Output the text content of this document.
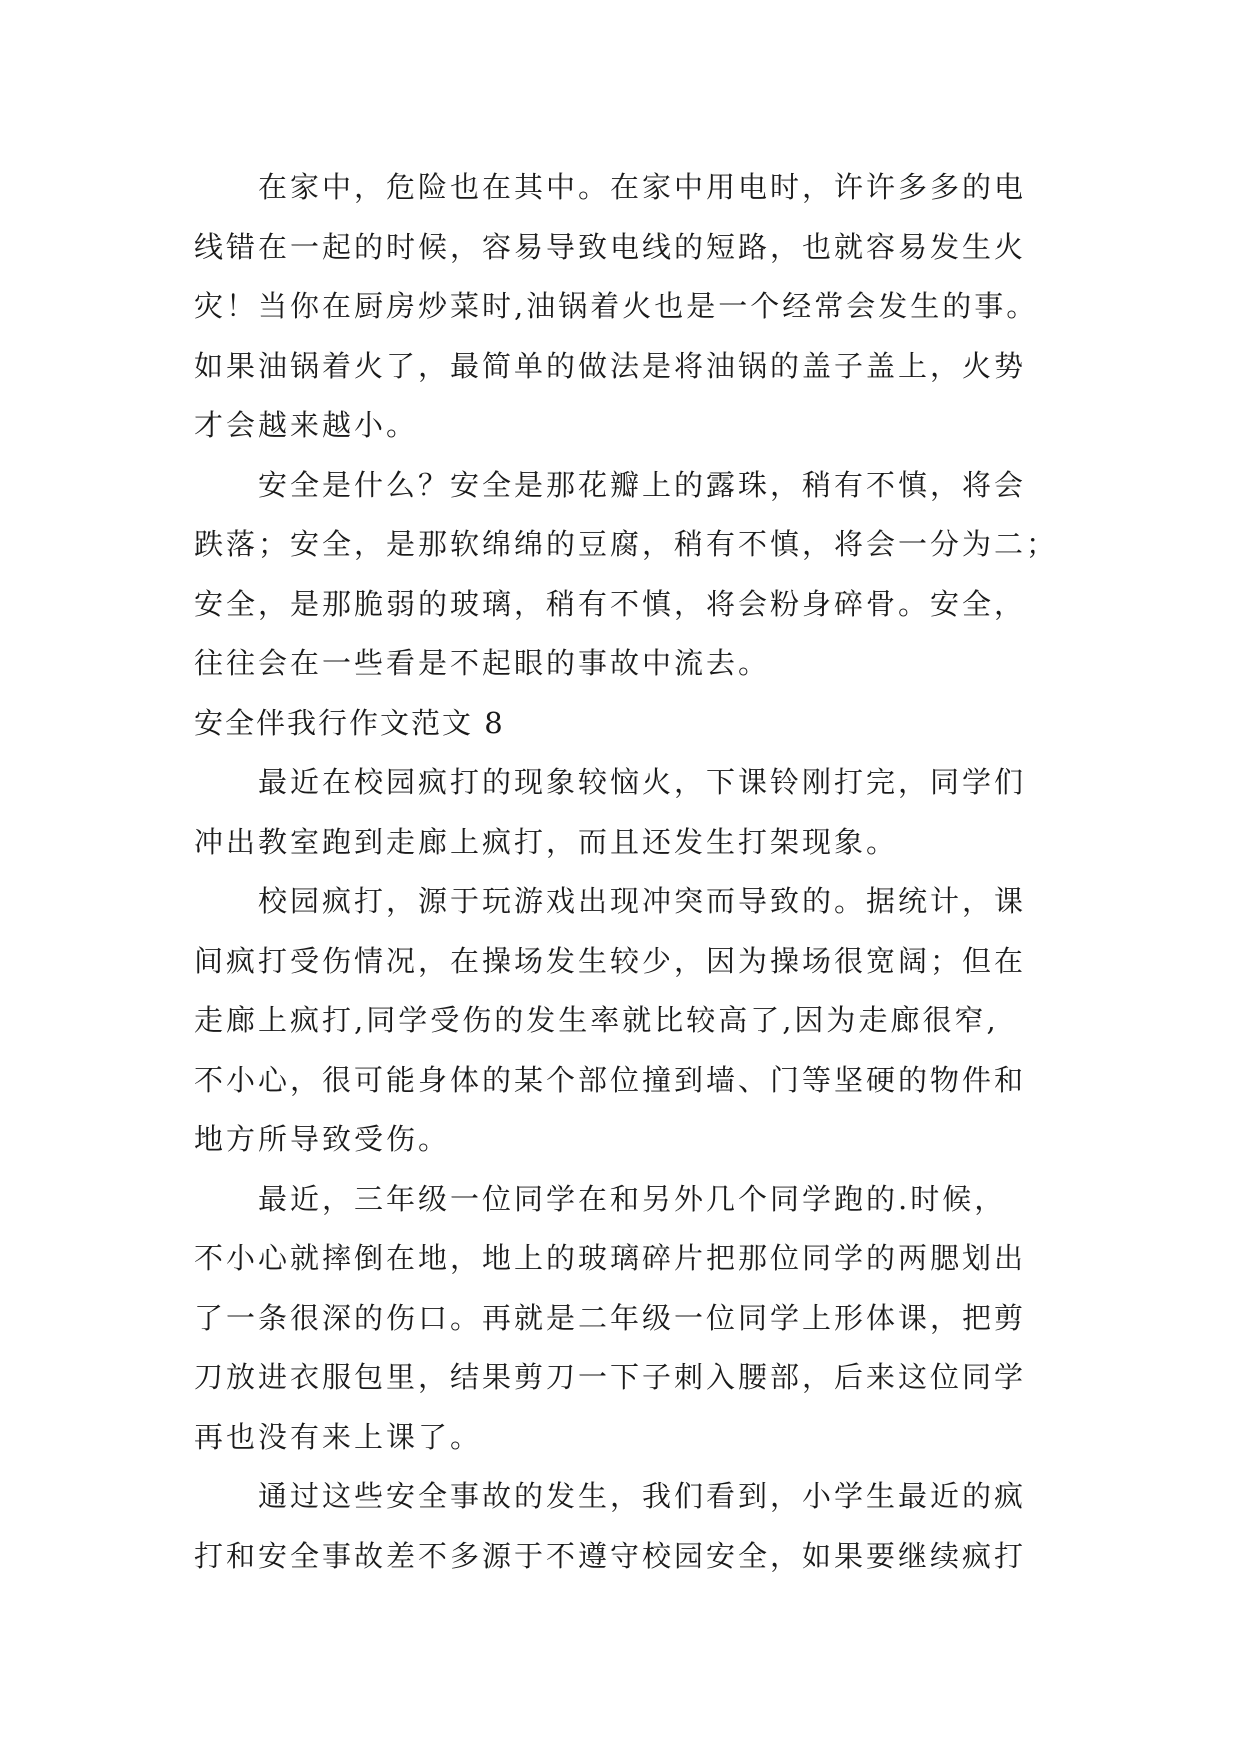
在家中，危险也在其中。在家中用电时，许许多多的电
线错在一起的时候，容易导致电线的短路，也就容易发生火
灾！当你在厨房炒菜时,油锅着火也是一个经常会发生的事。
如果油锅着火了，最简单的做法是将油锅的盖子盖上，火势
才会越来越小。
安全是什么？安全是那花瓣上的露珠，稍有不慎，将会
跌落；安全，是那软绵绵的豆腐，稍有不慎，将会一分为二；
安全，是那脆弱的玻璃，稍有不慎，将会粉身碎骨。安全，
往往会在一些看是不起眼的事故中流去。
安全伴我行作文范文 8
最近在校园疯打的现象较恼火，下课铃刚打完，同学们
冲出教室跑到走廊上疯打，而且还发生打架现象。
校园疯打，源于玩游戏出现冲突而导致的。据统计，课
间疯打受伤情况，在操场发生较少，因为操场很宽阔；但在
走廊上疯打,同学受伤的发生率就比较高了,因为走廊很窄,
不小心，很可能身体的某个部位撞到墙、门等坚硬的物件和
地方所导致受伤。
最近，三年级一位同学在和另外几个同学跑的.时候，
不小心就摔倒在地，地上的玻璃碎片把那位同学的两腮划出
了一条很深的伤口。再就是二年级一位同学上形体课，把剪
刀放进衣服包里，结果剪刀一下子刺入腰部，后来这位同学
再也没有来上课了。
通过这些安全事故的发生，我们看到，小学生最近的疯
打和安全事故差不多源于不遵守校园安全，如果要继续疯打
